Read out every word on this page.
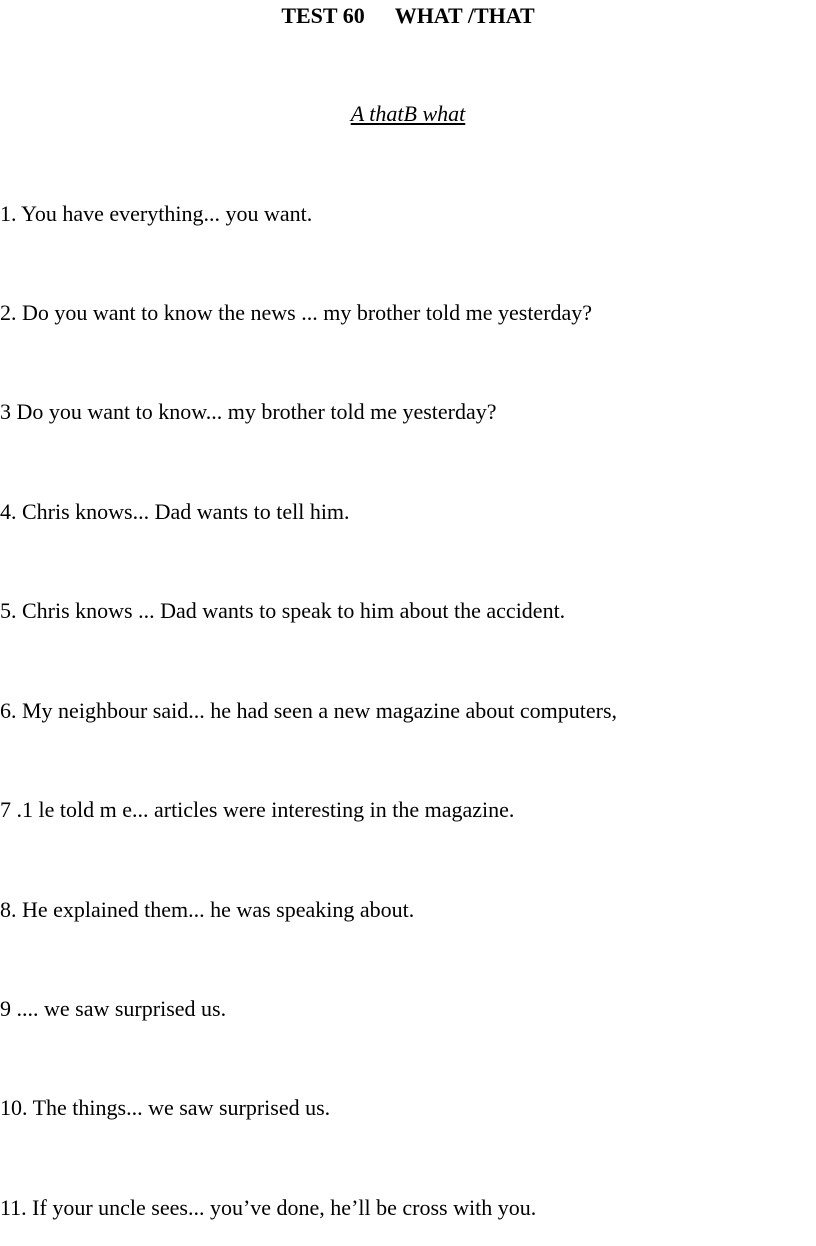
TEST 60 WHAT /THAT
A thatB what
1. You have everything... you want.
2. Do you want to know the news ... my brother told me yesterday?
3 Do you want to know... my brother told me yesterday?
4. Chris knows... Dad wants to tell him.
5. Chris knows ... Dad wants to speak to him about the accident.
6. My neighbour said... he had seen a new magazine about computers,
7 .1 le told m e... articles were interesting in the magazine.
8. He explained them... he was speaking about.
9 .... we saw surprised us.
10. The things... we saw surprised us.
11. If your uncle sees... you’ve done, he’ll be cross with you.
